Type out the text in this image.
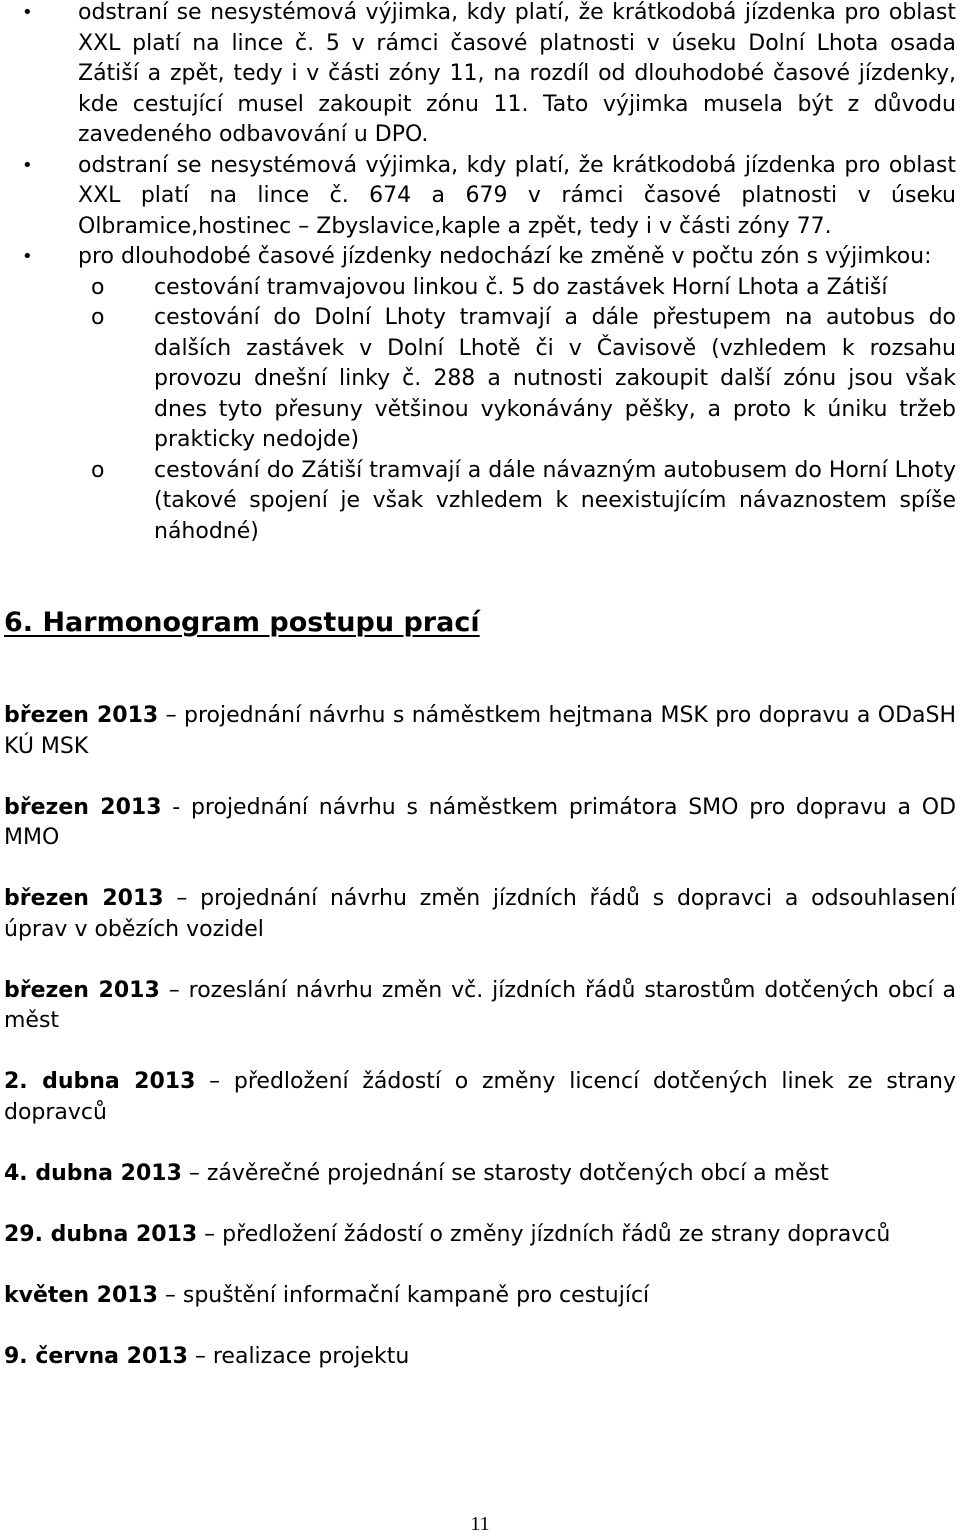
• odstraní se nesystémová výjimka, kdy platí, že krátkodobá jízdenka pro oblast XXL platí na lince č. 5 v rámci časové platnosti v úseku Dolní Lhota osada Zátiší a zpět, tedy i v části zóny 11, na rozdíl od dlouhodobé časové jízdenky, kde cestující musel zakoupit zónu 11. Tato výjimka musela být z důvodu zavedeného odbavování u DPO.
• odstraní se nesystémová výjimka, kdy platí, že krátkodobá jízdenka pro oblast XXL platí na lince č. 674 a 679 v rámci časové platnosti v úseku Olbramice,hostinec – Zbyslavice,kaple a zpět, tedy i v části zóny 77.
• pro dlouhodobé časové jízdenky nedochází ke změně v počtu zón s výjimkou:
o cestování tramvajovou linkou č. 5 do zastávek Horní Lhota a Zátiší
o cestování do Dolní Lhoty tramvají a dále přestupem na autobus do dalších zastávek v Dolní Lhotě či v Čavisově (vzhledem k rozsahu provozu dnešní linky č. 288 a nutnosti zakoupit další zónu jsou však dnes tyto přesuny většinou vykonávány pěšky, a proto k úniku tržeb prakticky nedojde)
o cestování do Zátiší tramvají a dále návazným autobusem do Horní Lhoty (takové spojení je však vzhledem k neexistujícím návaznostem spíše náhodné)
6. Harmonogram postupu prací
březen 2013 – projednání návrhu s náměstkem hejtmana MSK pro dopravu a ODaSH KÚ MSK
březen 2013 - projednání návrhu s náměstkem primátora SMO pro dopravu a OD MMO
březen 2013 – projednání návrhu změn jízdních řádů s dopravci a odsouhlasení úprav v obězích vozidel
březen 2013 – rozeslání návrhu změn vč. jízdních řádů starostům dotčených obcí a měst
2. dubna 2013 – předložení žádostí o změny licencí dotčených linek ze strany dopravců
4. dubna 2013 – závěrečné projednání se starosty dotčených obcí a měst
29. dubna 2013 – předložení žádostí o změny jízdních řádů ze strany dopravců
květen 2013 – spuštění informační kampaně pro cestující
9. června 2013 – realizace projektu
11
